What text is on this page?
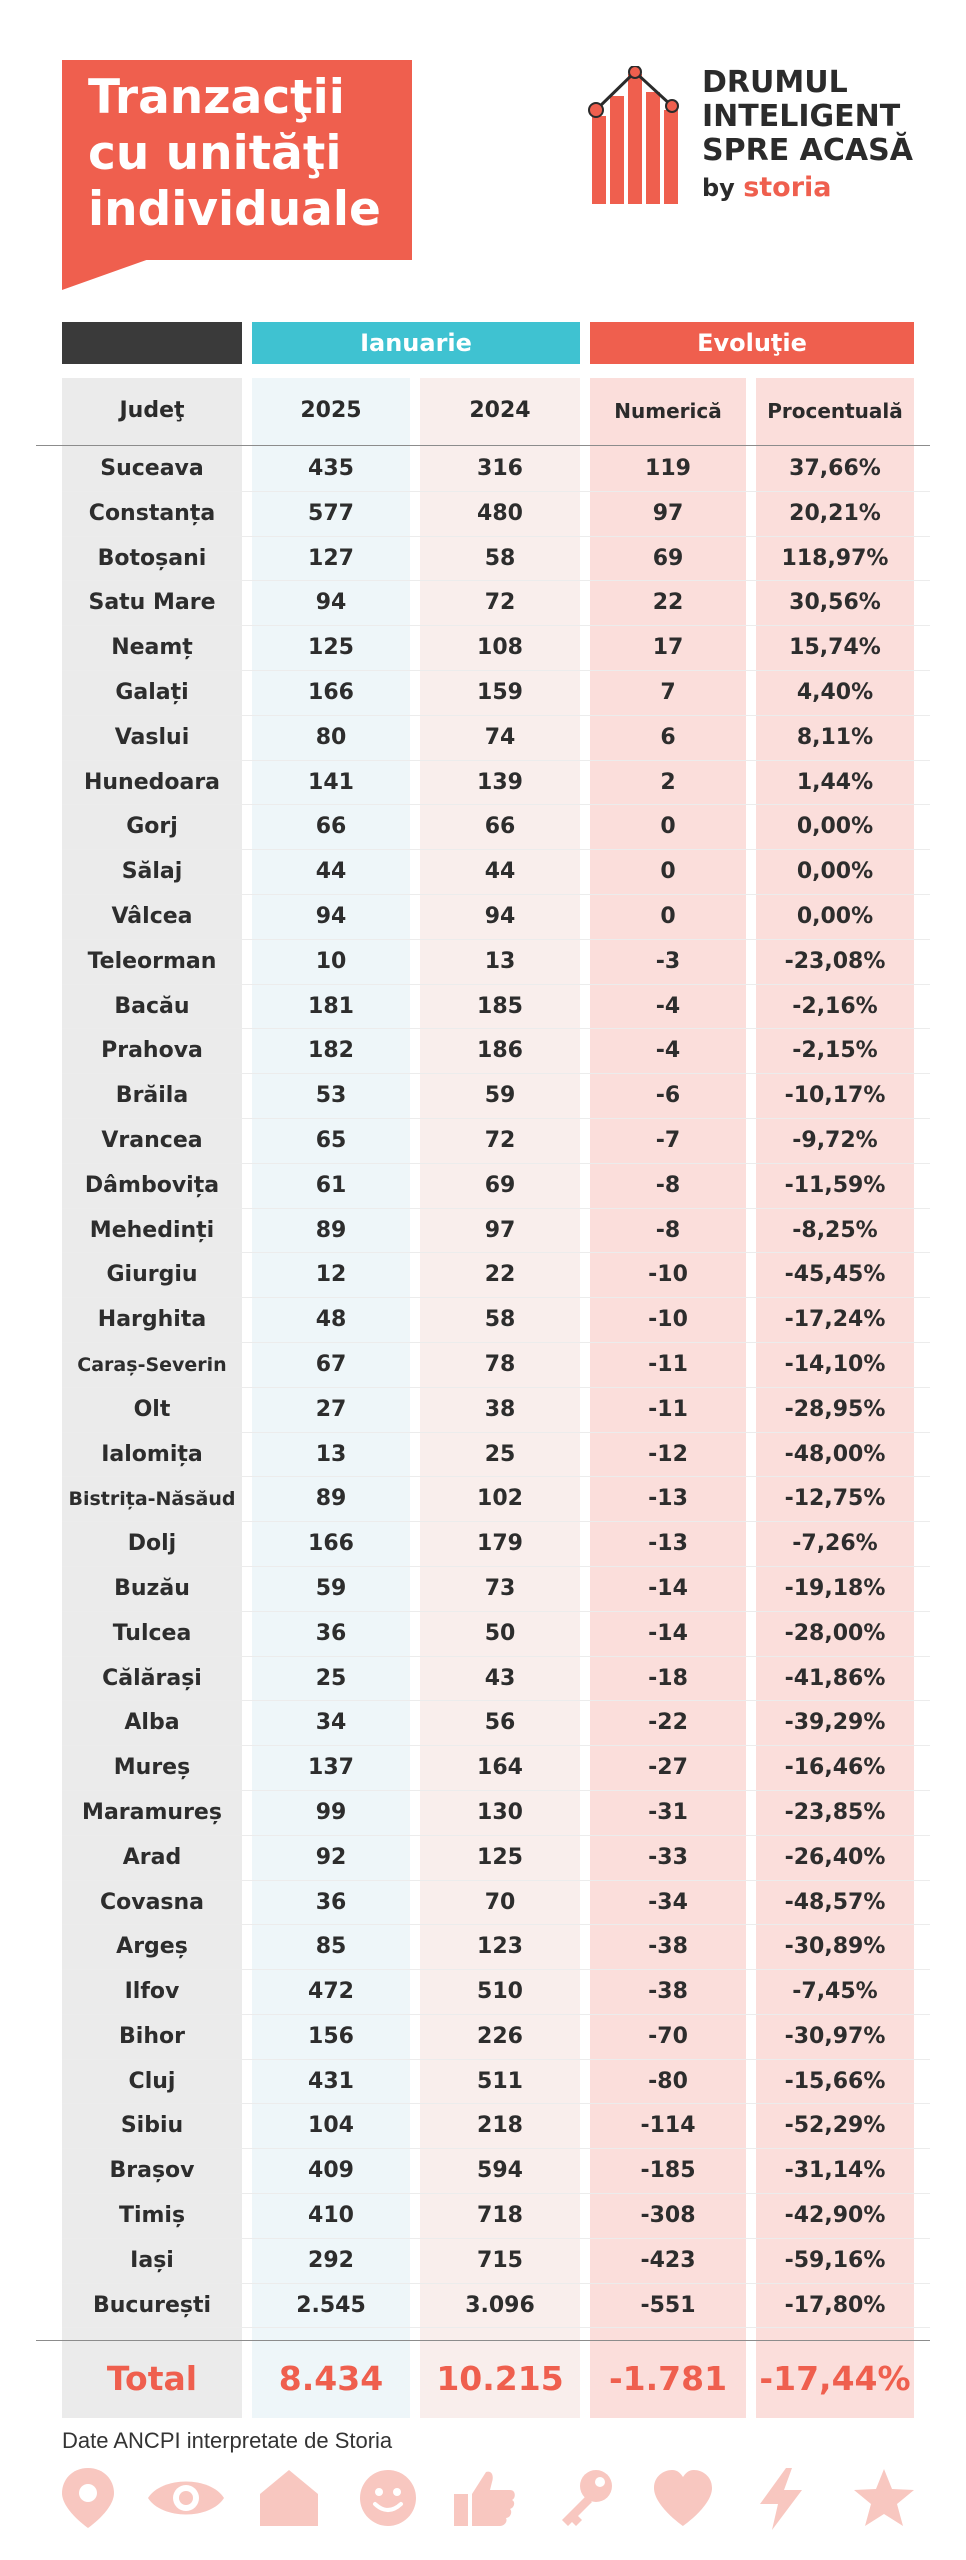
Tranzacţii
cu unităţi
individuale
DRUMUL
INTELIGENT
SPRE ACASĂ
by storia
Ianuarie	Evoluţie
Judeţ	2025	2024	Numerică	Procentuală
Suceava	435	316	119	37,66%
Constanța	577	480	97	20,21%
Botoșani	127	58	69	118,97%
Satu Mare	94	72	22	30,56%
Neamț	125	108	17	15,74%
Galați	166	159	7	4,40%
Vaslui	80	74	6	8,11%
Hunedoara	141	139	2	1,44%
Gorj	66	66	0	0,00%
Sălaj	44	44	0	0,00%
Vâlcea	94	94	0	0,00%
Teleorman	10	13	-3	-23,08%
Bacău	181	185	-4	-2,16%
Prahova	182	186	-4	-2,15%
Brăila	53	59	-6	-10,17%
Vrancea	65	72	-7	-9,72%
Dâmbovița	61	69	-8	-11,59%
Mehedinți	89	97	-8	-8,25%
Giurgiu	12	22	-10	-45,45%
Harghita	48	58	-10	-17,24%
Caraș-Severin	67	78	-11	-14,10%
Olt	27	38	-11	-28,95%
Ialomița	13	25	-12	-48,00%
Bistrița-Năsăud	89	102	-13	-12,75%
Dolj	166	179	-13	-7,26%
Buzău	59	73	-14	-19,18%
Tulcea	36	50	-14	-28,00%
Călărași	25	43	-18	-41,86%
Alba	34	56	-22	-39,29%
Mureș	137	164	-27	-16,46%
Maramureș	99	130	-31	-23,85%
Arad	92	125	-33	-26,40%
Covasna	36	70	-34	-48,57%
Argeș	85	123	-38	-30,89%
Ilfov	472	510	-38	-7,45%
Bihor	156	226	-70	-30,97%
Cluj	431	511	-80	-15,66%
Sibiu	104	218	-114	-52,29%
Brașov	409	594	-185	-31,14%
Timiș	410	718	-308	-42,90%
Iași	292	715	-423	-59,16%
București	2.545	3.096	-551	-17,80%
Total	8.434	10.215	-1.781 -17,44%
Date ANCPI interpretate de Storia
